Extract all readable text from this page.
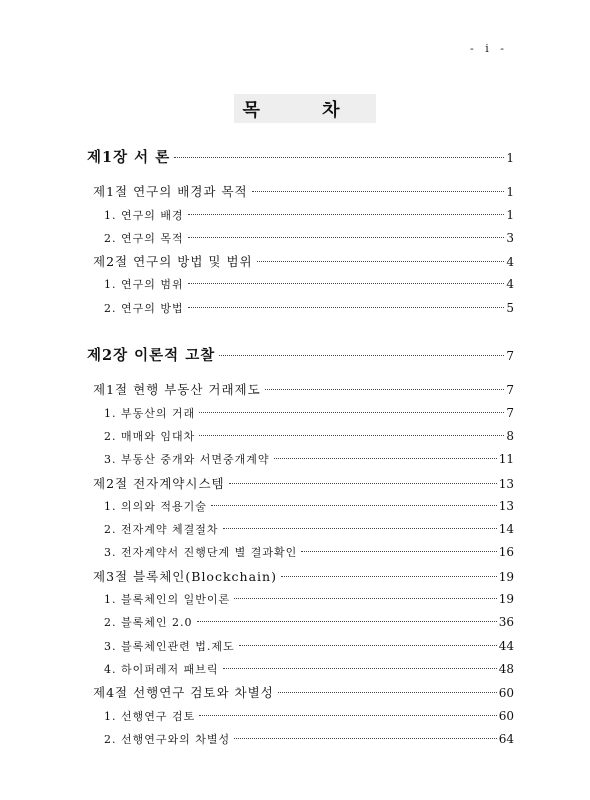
- i -
목 차
제1장 서 론	1
제1절 연구의 배경과 목적	1
1. 연구의 배경	1
2. 연구의 목적	3
제2절 연구의 방법 및 범위	4
1. 연구의 범위	4
2. 연구의 방법	5
제2장 이론적 고찰	7
제1절 현행 부동산 거래제도	7
1. 부동산의 거래	7
2. 매매와 임대차	8
3. 부동산 중개와 서면중개계약	11
제2절 전자계약시스템	13
1. 의의와 적용기술	13
2. 전자계약 체결절차	14
3. 전자계약서 진행단계 별 결과확인	16
제3절 블록체인(Blockchain)	19
1. 블록체인의 일반이론	19
2. 블록체인 2.0	36
3. 블록체인관련 법.제도	44
4. 하이퍼레저 패브릭	48
제4절 선행연구 검토와 차별성	60
1. 선행연구 검토	60
2. 선행연구와의 차별성	64
